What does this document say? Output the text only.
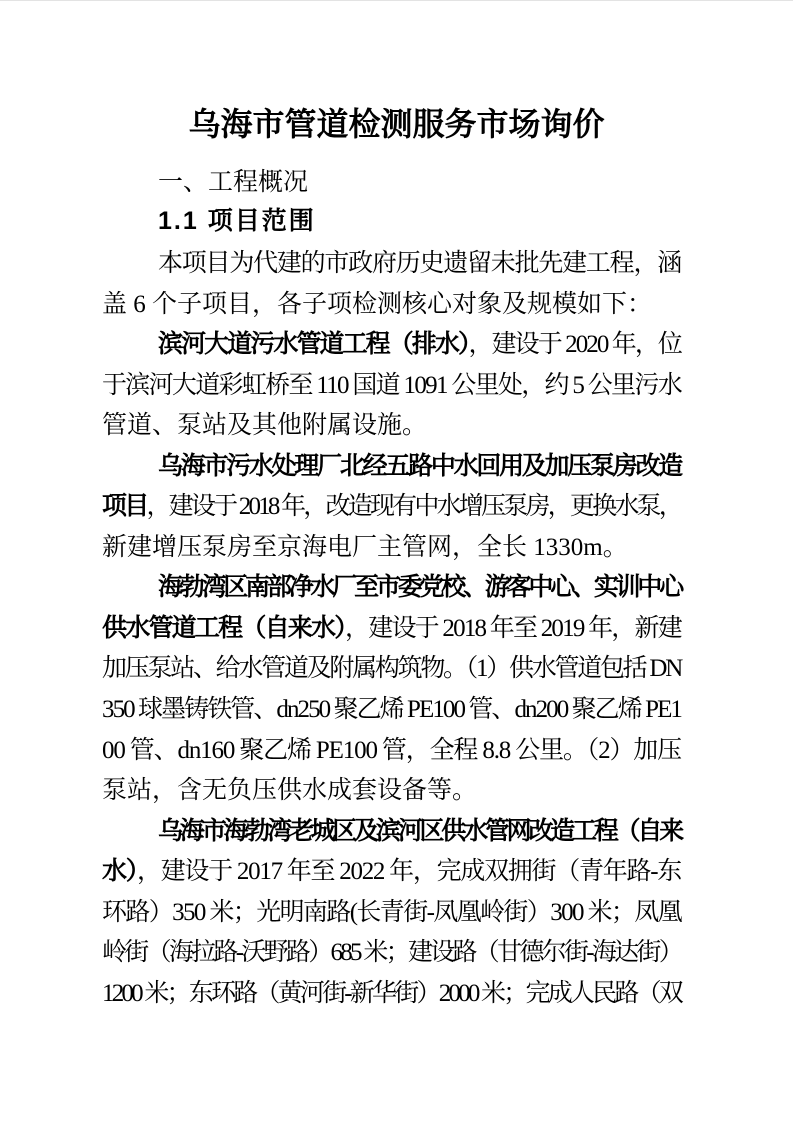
乌海市管道检测服务市场询价
一、工程概况
1.1 项目范围
本项目为代建的市政府历史遗留未批先建工程，涵
盖 6 个子项目，各子项检测核心对象及规模如下：
滨河大道污水管道工程（排水），建设于 2020 年，位
于滨河大道彩虹桥至 110 国道 1091 公里处，约 5 公里污水
管道、泵站及其他附属设施。
乌海市污水处理厂北经五路中水回用及加压泵房改造
项目，建设于 2018 年，改造现有中水增压泵房，更换水泵，
新建增压泵房至京海电厂主管网，全长 1330m。
海勃湾区南部净水厂至市委党校、游客中心、实训中心
供水管道工程（自来水），建设于 2018 年至 2019 年，新建
加压泵站、给水管道及附属构筑物。（1）供水管道包括 DN
350 球墨铸铁管、dn250 聚乙烯 PE100 管、dn200 聚乙烯 PE1
00 管、dn160 聚乙烯 PE100 管，全程 8.8 公里。（2）加压
泵站，含无负压供水成套设备等。
乌海市海勃湾老城区及滨河区供水管网改造工程（自来
水），建设于 2017 年至 2022 年，完成双拥街（青年路-东
环路）350 米；光明南路(长青街-凤凰岭街）300 米；凤凰
岭街（海拉路-沃野路）685 米；建设路（甘德尔街-海达街）
1200 米；东环路（黄河街-新华街）2000 米；完成人民路（双
